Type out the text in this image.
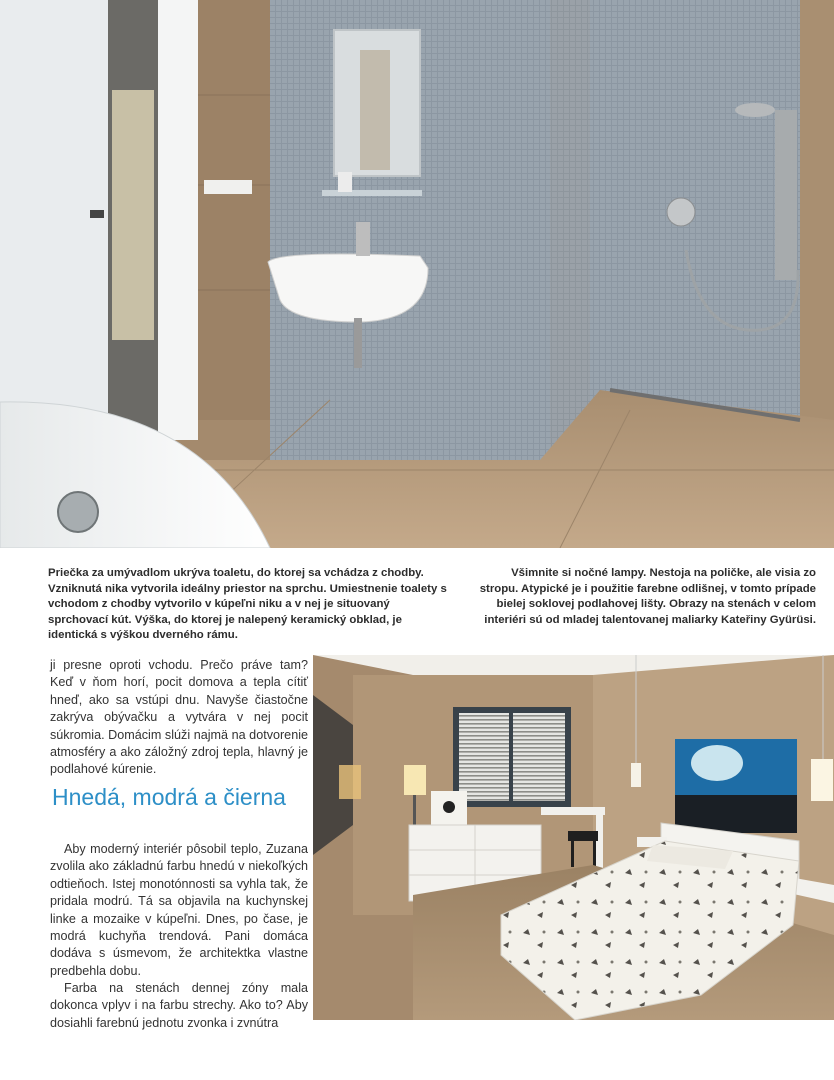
Priečka za umývadlom ukrýva toaletu, do ktorej sa vchádza z chodby. Vzniknutá nika vytvorila ideálny priestor na sprchu. Umiestnenie toalety s vchodom z chodby vytvorilo v kúpeľni niku a v nej je situovaný sprchovací kút. Výška, do ktorej je nalepený keramický obklad, je identická s výškou dverného rámu.
Všimnite si nočné lampy. Nestoja na poličke, ale visia zo stropu. Atypické je i použitie farebne odlišnej, v tomto prípade bielej soklovej podlahovej lišty. Obrazy na stenách v celom interiéri sú od mladej talentovanej maliarky Kateřiny Gyürüsi.

ji presne oproti vchodu. Prečo práve tam? Keď v ňom horí, pocit domova a tepla cítiť hneď, ako sa vstúpi dnu. Navyše čiastočne zakrýva obývačku a vytvára v nej pocit súkromia. Domácim slúži najmä na dotvorenie atmosféry a ako záložný zdroj tepla, hlavný je podlahové kúrenie.

Hnedá, modrá a čierna

Aby moderný interiér pôsobil teplo, Zuzana zvolila ako základnú farbu hnedú v niekoľkých odtieňoch. Istej monotónnosti sa vyhla tak, že pridala modrú. Tá sa objavila na kuchynskej linke a mozaike v kúpeľni. Dnes, po čase, je modrá kuchyňa trendová. Pani domáca dodáva s úsmevom, že architektka vlastne predbehla dobu.

Farba na stenách dennej zóny mala dokonca vplyv i na farbu strechy. Ako to? Aby dosiahli farebnú jednotu zvonka i zvnútra
